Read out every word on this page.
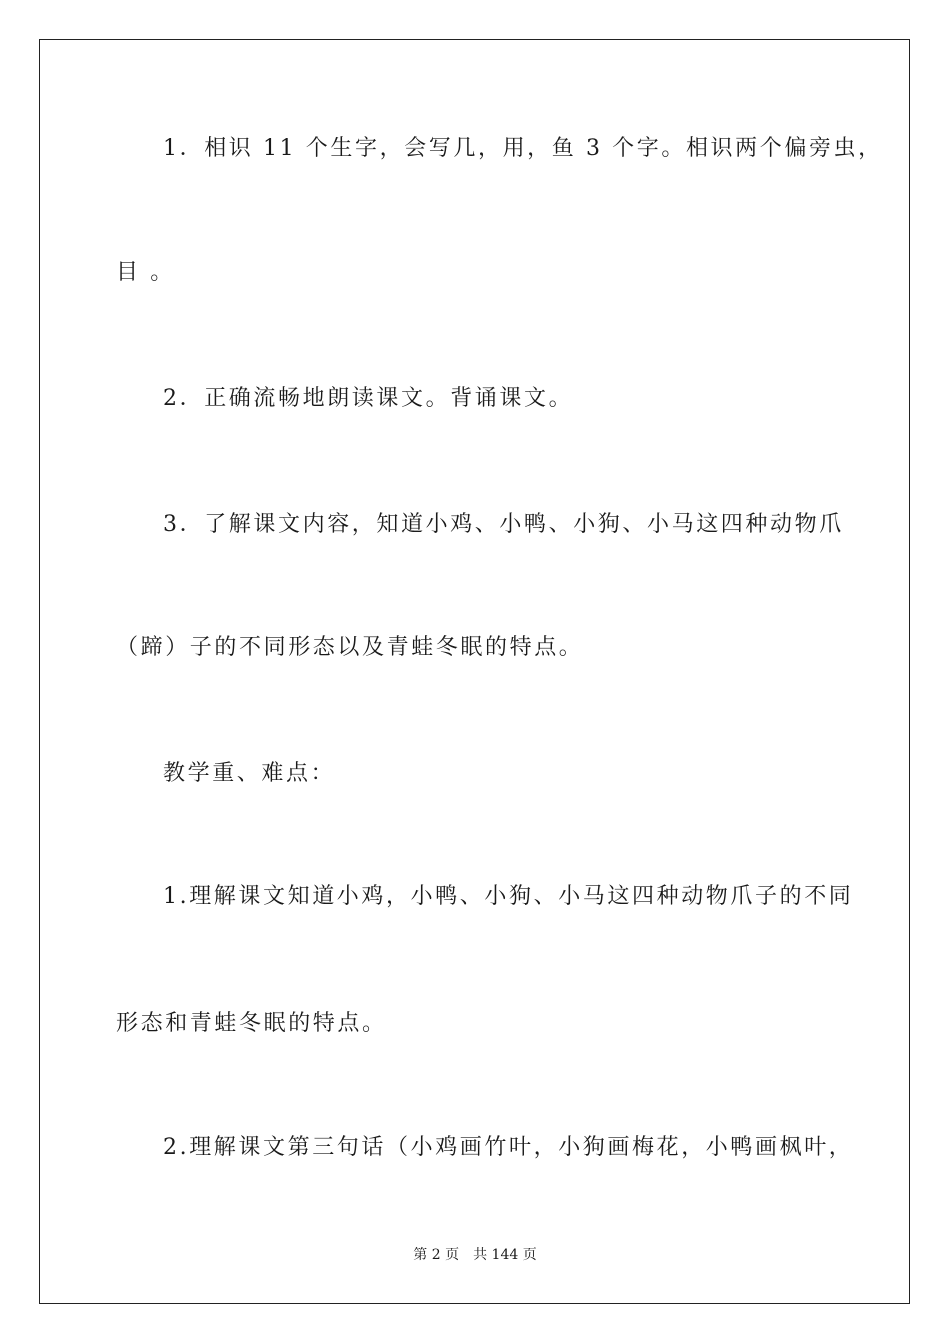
1．相识 11 个生字，会写几，用，鱼 3 个字。相识两个偏旁虫，
目 。
2．正确流畅地朗读课文。背诵课文。
3．了解课文内容，知道小鸡、小鸭、小狗、小马这四种动物爪
（蹄）子的不同形态以及青蛙冬眠的特点。
教学重、难点：
1.理解课文知道小鸡，小鸭、小狗、小马这四种动物爪子的不同
形态和青蛙冬眠的特点。
2.理解课文第三句话（小鸡画竹叶，小狗画梅花，小鸭画枫叶，
第 2 页 共 144 页
